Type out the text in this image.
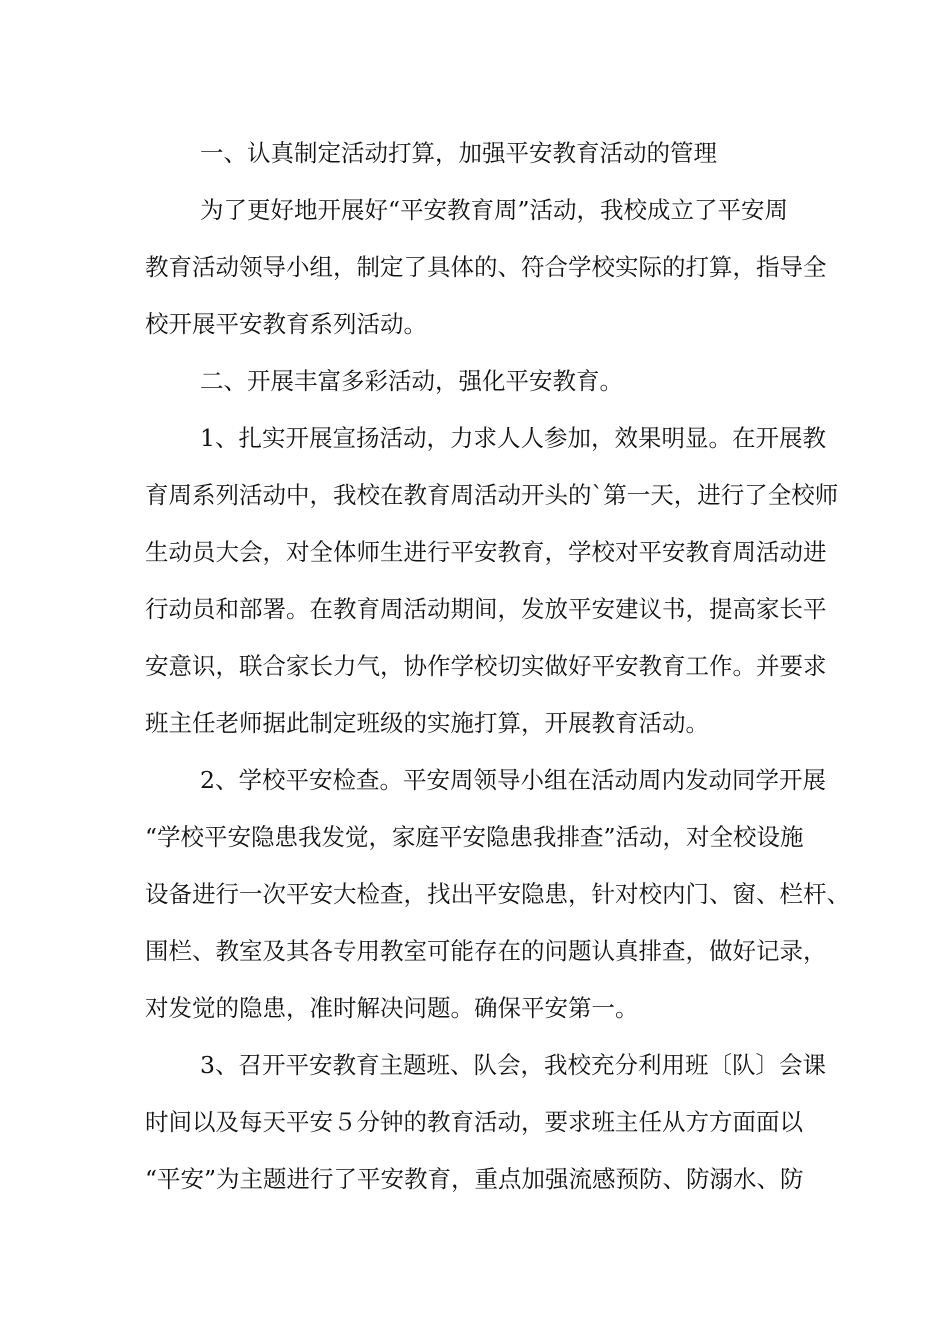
一、认真制定活动打算，加强平安教育活动的管理
为了更好地开展好“平安教育周”活动，我校成立了平安周
教育活动领导小组，制定了具体的、符合学校实际的打算，指导全
校开展平安教育系列活动。
二、开展丰富多彩活动，强化平安教育。
1、扎实开展宣扬活动，力求人人参加，效果明显。在开展教
育周系列活动中，我校在教育周活动开头的`第一天，进行了全校师
生动员大会，对全体师生进行平安教育，学校对平安教育周活动进
行动员和部署。在教育周活动期间，发放平安建议书，提高家长平
安意识，联合家长力气，协作学校切实做好平安教育工作。并要求
班主任老师据此制定班级的实施打算，开展教育活动。
2、学校平安检查。平安周领导小组在活动周内发动同学开展
“学校平安隐患我发觉，家庭平安隐患我排查”活动，对全校设施
设备进行一次平安大检查，找出平安隐患，针对校内门、窗、栏杆、
围栏、教室及其各专用教室可能存在的问题认真排查，做好记录，
对发觉的隐患，准时解决问题。确保平安第一。
3、召开平安教育主题班、队会，我校充分利用班〔队〕会课
时间以及每天平安５分钟的教育活动，要求班主任从方方面面以
“平安”为主题进行了平安教育，重点加强流感预防、防溺水、防
